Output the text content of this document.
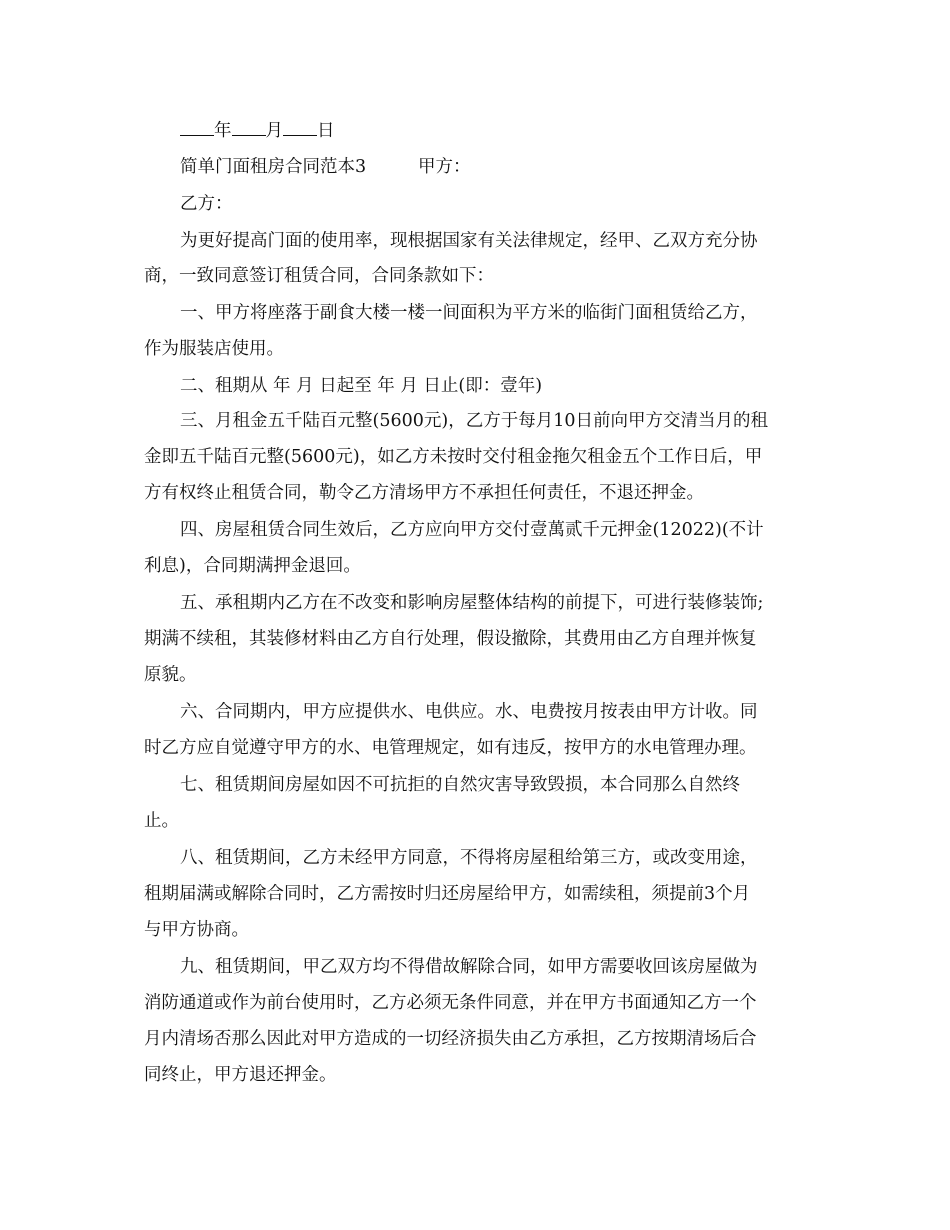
年 月 日
简单门面租房合同范本3	甲方：
乙方：
为更好提高门面的使用率，现根据国家有关法律规定，经甲、乙双方充分协
商，一致同意签订租赁合同，合同条款如下：
一、甲方将座落于副食大楼一楼一间面积为平方米的临街门面租赁给乙方，
作为服装店使用。
二、租期从 年 月 日起至 年 月 日止(即：壹年)
三、月租金五千陆百元整(5600元)，乙方于每月10日前向甲方交清当月的租
金即五千陆百元整(5600元)，如乙方未按时交付租金拖欠租金五个工作日后，甲
方有权终止租赁合同，勒令乙方清场甲方不承担任何责任，不退还押金。
四、房屋租赁合同生效后，乙方应向甲方交付壹萬贰千元押金(12022)(不计
利息)，合同期满押金退回。
五、承租期内乙方在不改变和影响房屋整体结构的前提下，可进行装修装饰;
期满不续租，其装修材料由乙方自行处理，假设撤除，其费用由乙方自理并恢复
原貌。
六、合同期内，甲方应提供水、电供应。水、电费按月按表由甲方计收。同
时乙方应自觉遵守甲方的水、电管理规定，如有违反，按甲方的水电管理办理。
七、租赁期间房屋如因不可抗拒的自然灾害导致毁损，本合同那么自然终
止。
八、租赁期间，乙方未经甲方同意，不得将房屋租给第三方，或改变用途，
租期届满或解除合同时，乙方需按时归还房屋给甲方，如需续租，须提前3个月
与甲方协商。
九、租赁期间，甲乙双方均不得借故解除合同，如甲方需要收回该房屋做为
消防通道或作为前台使用时，乙方必须无条件同意，并在甲方书面通知乙方一个
月内清场否那么因此对甲方造成的一切经济损失由乙方承担，乙方按期清场后合
同终止，甲方退还押金。
